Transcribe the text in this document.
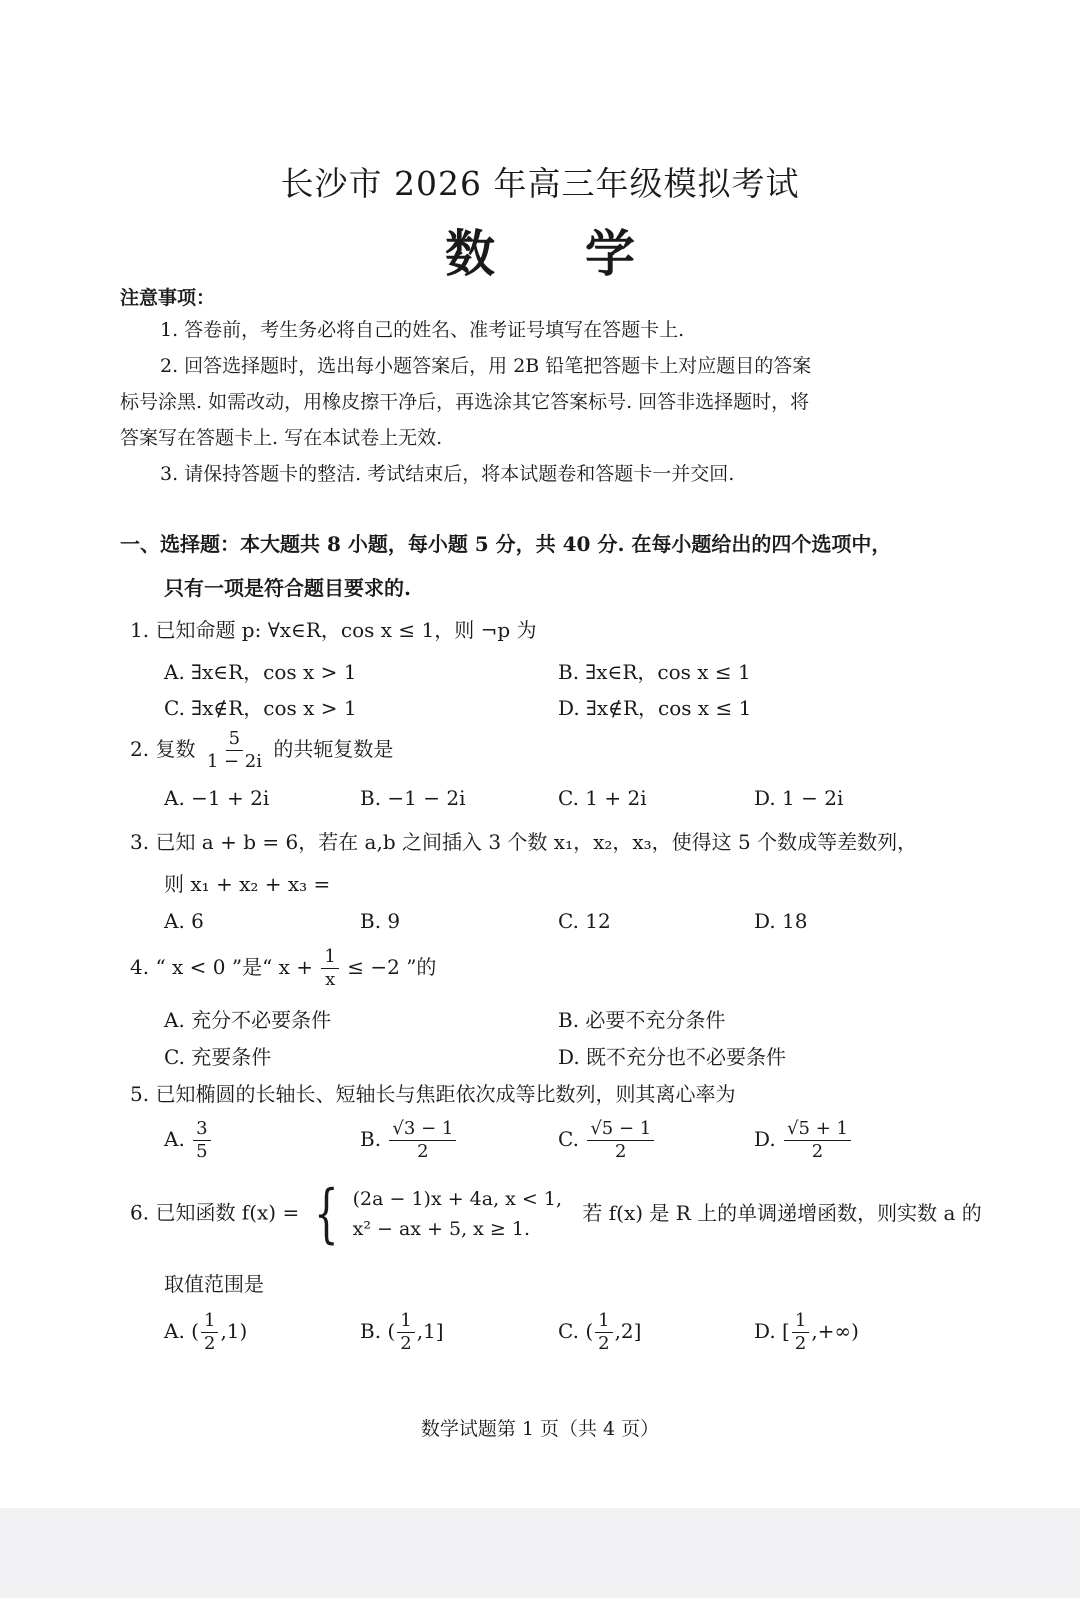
长沙市 2026 年高三年级模拟考试
数学
注意事项：
1. 答卷前，考生务必将自己的姓名、准考证号填写在答题卡上.
2. 回答选择题时，选出每小题答案后，用 2B 铅笔把答题卡上对应题目的答案
标号涂黑. 如需改动，用橡皮擦干净后，再选涂其它答案标号. 回答非选择题时，将
答案写在答题卡上. 写在本试卷上无效.
3. 请保持答题卡的整洁. 考试结束后，将本试题卷和答题卡一并交回.
一、选择题：本大题共 8 小题，每小题 5 分，共 40 分. 在每小题给出的四个选项中，
只有一项是符合题目要求的.
1. 已知命题 p: ∀x∈R，cos x ≤ 1，则 ¬p 为
A. ∃x∈R，cos x > 1	B. ∃x∈R，cos x ≤ 1
C. ∃x∉R，cos x > 1	D. ∃x∉R，cos x ≤ 1
2. 复数 $\frac{5}{1 - 2i}$ 的共轭复数是
A. −1 + 2i	B. −1 − 2i	C. 1 + 2i	D. 1 − 2i
3. 已知 a + b = 6，若在 a,b 之间插入 3 个数 x₁，x₂，x₃，使得这 5 个数成等差数列，
则 x₁ + x₂ + x₃ =
A. 6	B. 9	C. 12	D. 18
4. “ x < 0 ”是“ $x + \frac{1}{x} \le -2$ ”的
A. 充分不必要条件	B. 必要不充分条件
C. 充要条件	D. 既不充分也不必要条件
5. 已知椭圆的长轴长、短轴长与焦距依次成等比数列，则其离心率为
A. $\frac{3}{5}$	B. $\frac{√3 - 1}{2}$	C. $\frac{√5 - 1}{2}$	D. $\frac{√5 + 1}{2}$
6. 已知函数 f(x) = { (2a − 1)x + 4a, x < 1,
x² − ax + 5, x ≥ 1.
若 f(x) 是 R 上的单调递增函数，则实数 a 的
取值范围是
A. ( $\frac{1}{2} ,1$)	B. ( $\frac{1}{2} ,1$]	C. ( $\frac{1}{2} ,2$]	D. [ $\frac{1}{2}$ ,+∞)
数学试题第 1 页（共 4 页）
